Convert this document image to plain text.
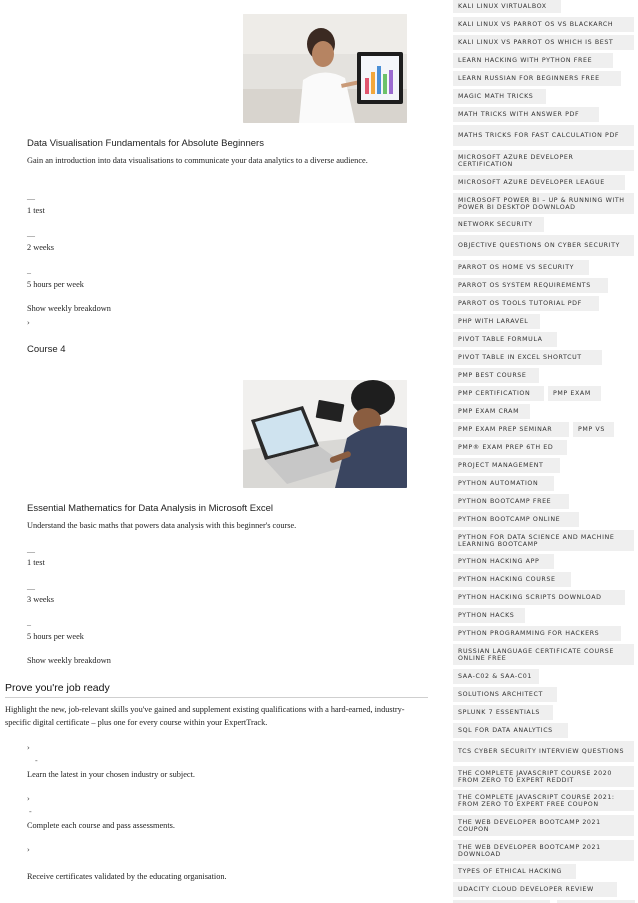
Data Visualisation Fundamentals for Absolute Beginners
Gain an introduction into data visualisations to communicate your data analytics to a diverse audience.
—
1 test
—
2 weeks
–
5 hours per week
Show weekly breakdown
›
Course 4
Essential Mathematics for Data Analysis in Microsoft Excel
Understand the basic maths that powers data analysis with this beginner's course.
—
1 test
—
3 weeks
–
5 hours per week
Show weekly breakdown
Prove you're job ready
Highlight the new, job-relevant skills you've gained and supplement existing qualifications with a hard-earned, industry-specific digital certificate – plus one for every course within your ExpertTrack.
›
-
Learn the latest in your chosen industry or subject.
›
-
Complete each course and pass assessments.
›
Receive certificates validated by the educating organisation.
KALI LINUX VIRTUALBOX
KALI LINUX VS PARROT OS VS BLACKARCH
KALI LINUX VS PARROT OS WHICH IS BEST
LEARN HACKING WITH PYTHON FREE
LEARN RUSSIAN FOR BEGINNERS FREE
MAGIC MATH TRICKS
MATH TRICKS WITH ANSWER PDF
MATHS TRICKS FOR FAST CALCULATION PDF
MICROSOFT AZURE DEVELOPER CERTIFICATION
MICROSOFT AZURE DEVELOPER LEAGUE
MICROSOFT POWER BI – UP & RUNNING WITH POWER BI DESKTOP DOWNLOAD
NETWORK SECURITY
OBJECTIVE QUESTIONS ON CYBER SECURITY
PARROT OS HOME VS SECURITY
PARROT OS SYSTEM REQUIREMENTS
PARROT OS TOOLS TUTORIAL PDF
PHP WITH LARAVEL
PIVOT TABLE FORMULA
PIVOT TABLE IN EXCEL SHORTCUT
PMP BEST COURSE
PMP CERTIFICATION	PMP EXAM
PMP EXAM CRAM
PMP EXAM PREP SEMINAR	PMP VS
PMP® EXAM PREP 6TH ED
PROJECT MANAGEMENT
PYTHON AUTOMATION
PYTHON BOOTCAMP FREE
PYTHON BOOTCAMP ONLINE
PYTHON FOR DATA SCIENCE AND MACHINE LEARNING BOOTCAMP
PYTHON HACKING APP
PYTHON HACKING COURSE
PYTHON HACKING SCRIPTS DOWNLOAD
PYTHON HACKS
PYTHON PROGRAMMING FOR HACKERS
RUSSIAN LANGUAGE CERTIFICATE COURSE ONLINE FREE
SAA-C02 & SAA-C01
SOLUTIONS ARCHITECT
SPLUNK 7 ESSENTIALS
SQL FOR DATA ANALYTICS
TCS CYBER SECURITY INTERVIEW QUESTIONS
THE COMPLETE JAVASCRIPT COURSE 2020 FROM ZERO TO EXPERT REDDIT
THE COMPLETE JAVASCRIPT COURSE 2021: FROM ZERO TO EXPERT FREE COUPON
THE WEB DEVELOPER BOOTCAMP 2021 COUPON
THE WEB DEVELOPER BOOTCAMP 2021 DOWNLOAD
TYPES OF ETHICAL HACKING
UDACITY CLOUD DEVELOPER REVIEW
